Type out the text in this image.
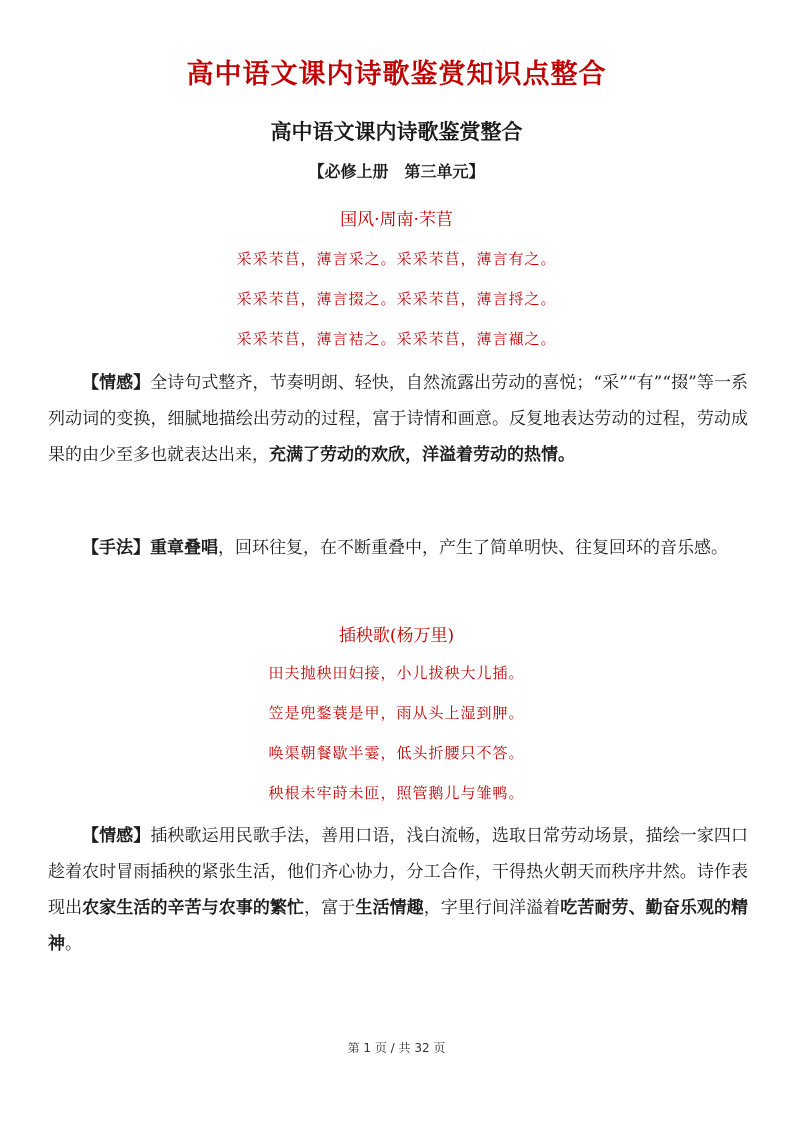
高中语文课内诗歌鉴赏知识点整合
高中语文课内诗歌鉴赏整合
【必修上册　第三单元】
国风·周南·芣苢
采采芣苢，薄言采之。采采芣苢，薄言有之。
采采芣苢，薄言掇之。采采芣苢，薄言捋之。
采采芣苢，薄言袺之。采采芣苢，薄言襭之。

【情感】全诗句式整齐，节奏明朗、轻快，自然流露出劳动的喜悦；“采”“有”“掇”等一系列动词的变换，细腻地描绘出劳动的过程，富于诗情和画意。反复地表达劳动的过程，劳动成果的由少至多也就表达出来，充满了劳动的欢欣，洋溢着劳动的热情。

【手法】重章叠唱，回环往复，在不断重叠中，产生了简单明快、往复回环的音乐感。

插秧歌(杨万里)
田夫抛秧田妇接，小儿拔秧大儿插。
笠是兜鍪蓑是甲，雨从头上湿到胛。
唤渠朝餐歇半霎，低头折腰只不答。
秧根未牢莳未匝，照管鹅儿与雏鸭。

【情感】插秧歌运用民歌手法，善用口语，浅白流畅，选取日常劳动场景，描绘一家四口趁着农时冒雨插秧的紧张生活，他们齐心协力，分工合作，干得热火朝天而秩序井然。诗作表现出农家生活的辛苦与农事的繁忙，富于生活情趣，字里行间洋溢着吃苦耐劳、勤奋乐观的精神。

第 1 页 / 共 32 页
